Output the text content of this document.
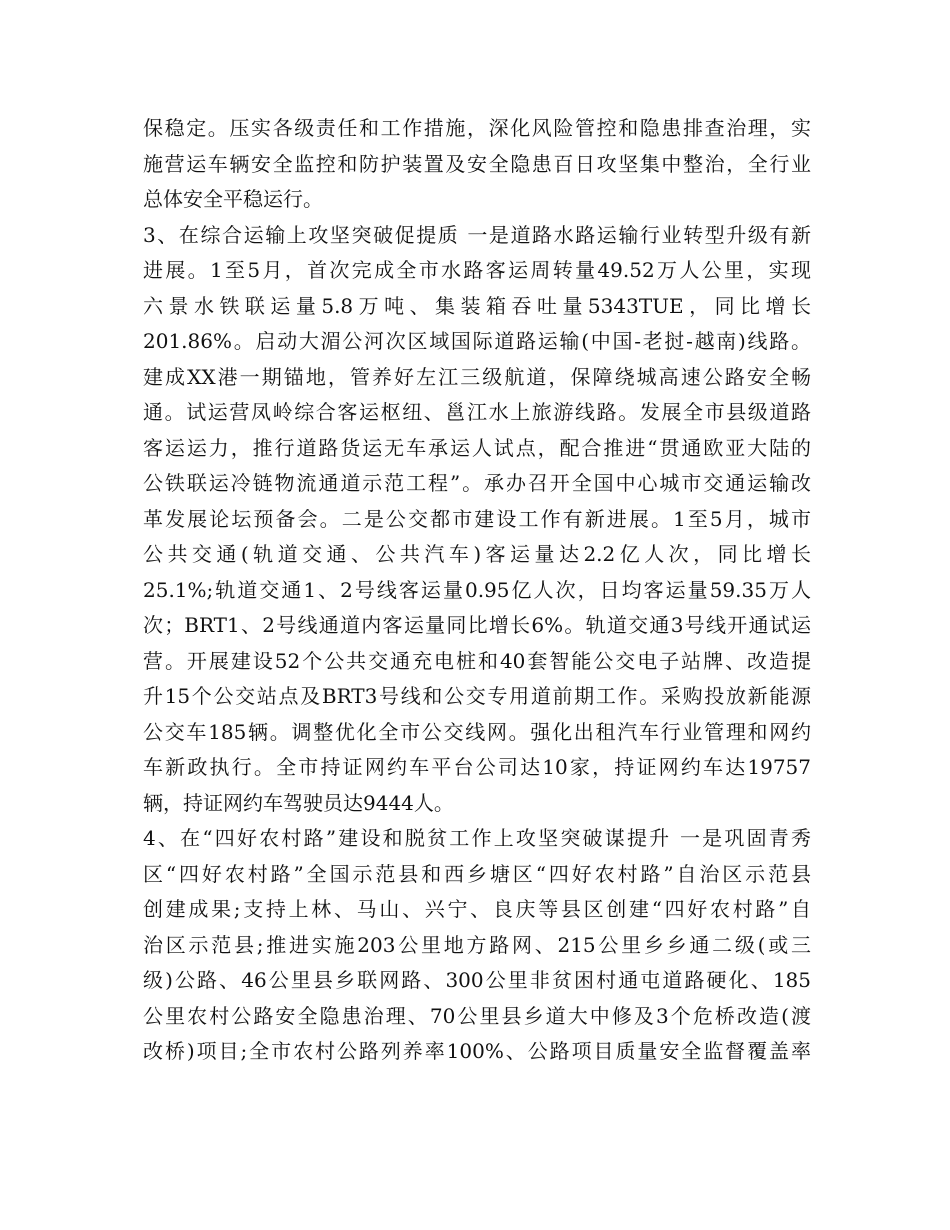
保稳定。压实各级责任和工作措施，深化风险管控和隐患排查治理，实
施营运车辆安全监控和防护装置及安全隐患百日攻坚集中整治，全行业
总体安全平稳运行。
3、在综合运输上攻坚突破促提质 一是道路水路运输行业转型升级有新
进展。1至5月，首次完成全市水路客运周转量49.52万人公里，实现
六景水铁联运量5.8万吨、集装箱吞吐量5343TUE，同比增长
201.86%。启动大湄公河次区域国际道路运输(中国-老挝-越南)线路。
建成XX港一期锚地，管养好左江三级航道，保障绕城高速公路安全畅
通。试运营凤岭综合客运枢纽、邕江水上旅游线路。发展全市县级道路
客运运力，推行道路货运无车承运人试点，配合推进“贯通欧亚大陆的
公铁联运冷链物流通道示范工程”。承办召开全国中心城市交通运输改
革发展论坛预备会。二是公交都市建设工作有新进展。1至5月，城市
公共交通(轨道交通、公共汽车)客运量达2.2亿人次，同比增长
25.1%;轨道交通1、2号线客运量0.95亿人次，日均客运量59.35万人
次；BRT1、2号线通道内客运量同比增长6%。轨道交通3号线开通试运
营。开展建设52个公共交通充电桩和40套智能公交电子站牌、改造提
升15个公交站点及BRT3号线和公交专用道前期工作。采购投放新能源
公交车185辆。调整优化全市公交线网。强化出租汽车行业管理和网约
车新政执行。全市持证网约车平台公司达10家，持证网约车达19757
辆，持证网约车驾驶员达9444人。
4、在“四好农村路”建设和脱贫工作上攻坚突破谋提升 一是巩固青秀
区“四好农村路”全国示范县和西乡塘区“四好农村路”自治区示范县
创建成果;支持上林、马山、兴宁、良庆等县区创建“四好农村路”自
治区示范县;推进实施203公里地方路网、215公里乡乡通二级(或三
级)公路、46公里县乡联网路、300公里非贫困村通屯道路硬化、185
公里农村公路安全隐患治理、70公里县乡道大中修及3个危桥改造(渡
改桥)项目;全市农村公路列养率100%、公路项目质量安全监督覆盖率
